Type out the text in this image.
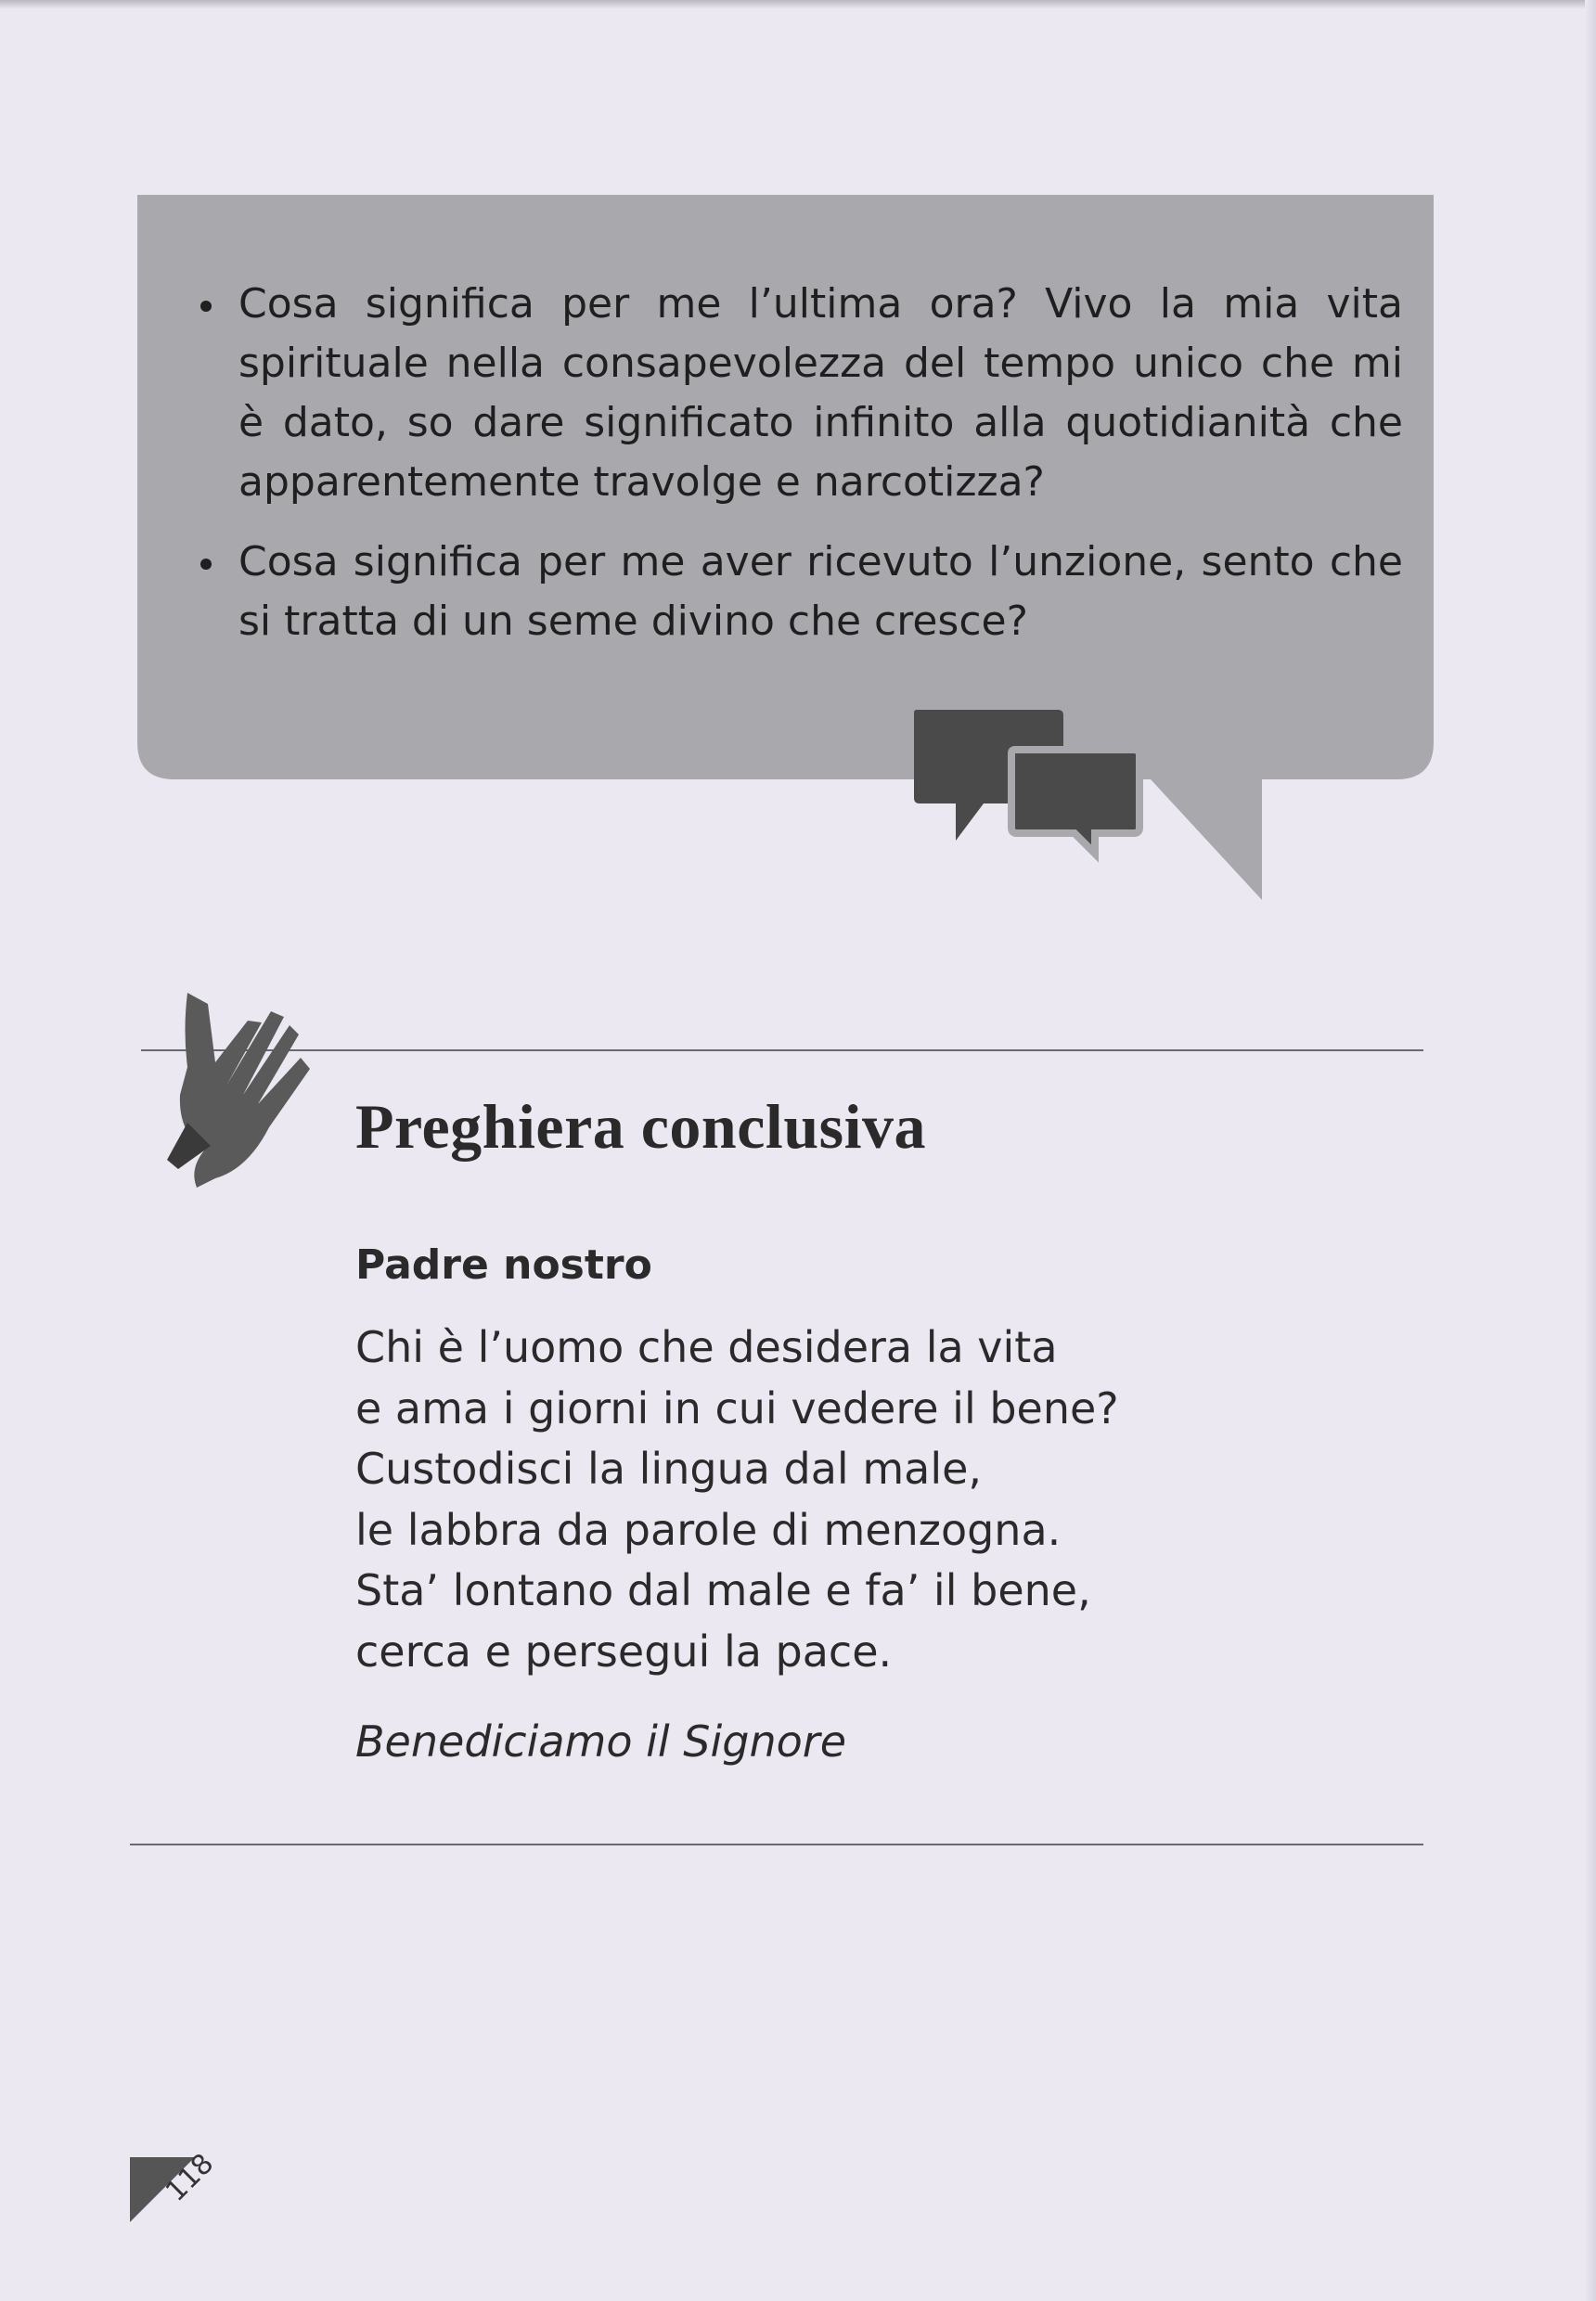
Cosa significa per me l’ultima ora? Vivo la mia vita spirituale nella consapevolezza del tempo unico che mi è dato, so dare significato infinito alla quotidianità che apparentemente travolge e narcotizza?
Cosa significa per me aver ricevuto l’unzione, sento che si tratta di un seme divino che cresce?
Preghiera conclusiva
Padre nostro
Chi è l’uomo che desidera la vita
e ama i giorni in cui vedere il bene?
Custodisci la lingua dal male,
le labbra da parole di menzogna.
Sta’ lontano dal male e fa’ il bene,
cerca e persegui la pace.

Benediciamo il Signore

118
